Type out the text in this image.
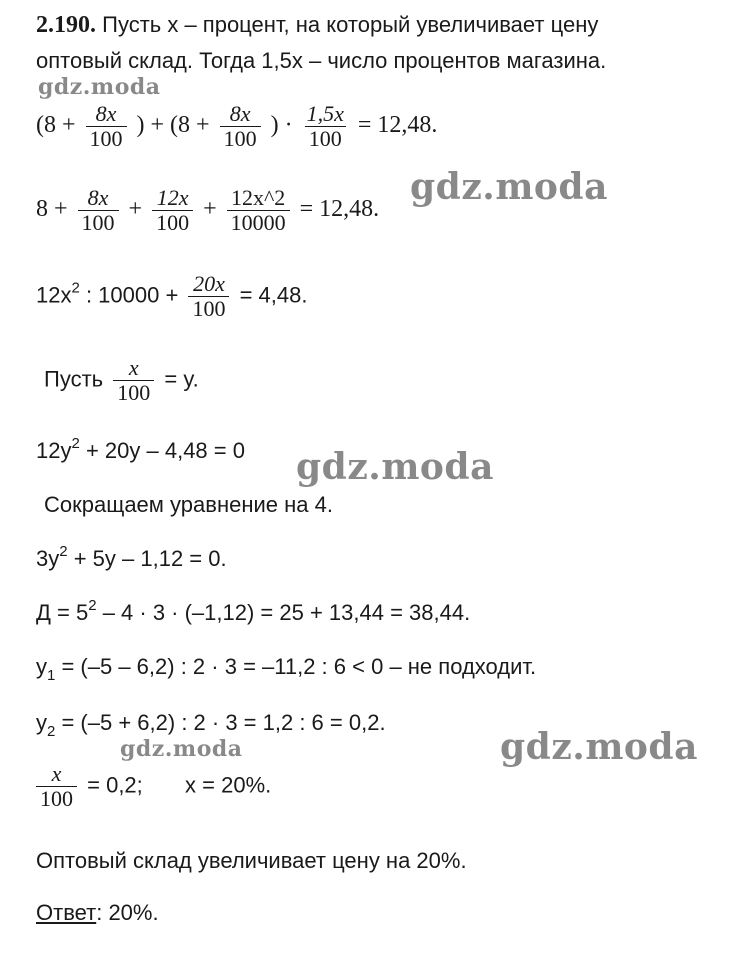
2.190. Пусть x – процент, на который увеличивает цену
оптовый склад. Тогда 1,5x – число процентов магазина.
($8 + \frac{8x}{100}$ ) + ($8 + \frac{8x}{100}$ ) · $\frac{1,5x}{100} = 12,48$.
$8 + \frac{8x}{100} + \frac{12x}{100} + \frac{12x\^{}2}{10000} = 12,48$.
$12x^2$ : $10000 + \frac{20x}{100} = 4,48$.
Пусть $\frac{x}{100} = y$.
$12y^2 + 20y - 4,48 = 0$
Сокращаем уравнение на 4.
$3y^2 + 5y - 1,12 = 0$.
$Д = 5^2 - 4 \cdot 3 \cdot (-1,12) = 25 + 13,44 = 38,44$.
$y_1 = (-5 - 6,2)$ : 2 · 3 = –11,2 : 6 < 0 – не подходит.
$y_2 = (-5 + 6,2)$ : 2 · 3 = 1,2 : 6 = 0,2.
$\frac{x}{100} = 0,2$; x = 20%.
Оптовый склад увеличивает цену на 20%.
Ответ: 20%.
gdz.moda
gdz.moda
gdz.moda
gdz.moda	gdz.moda
